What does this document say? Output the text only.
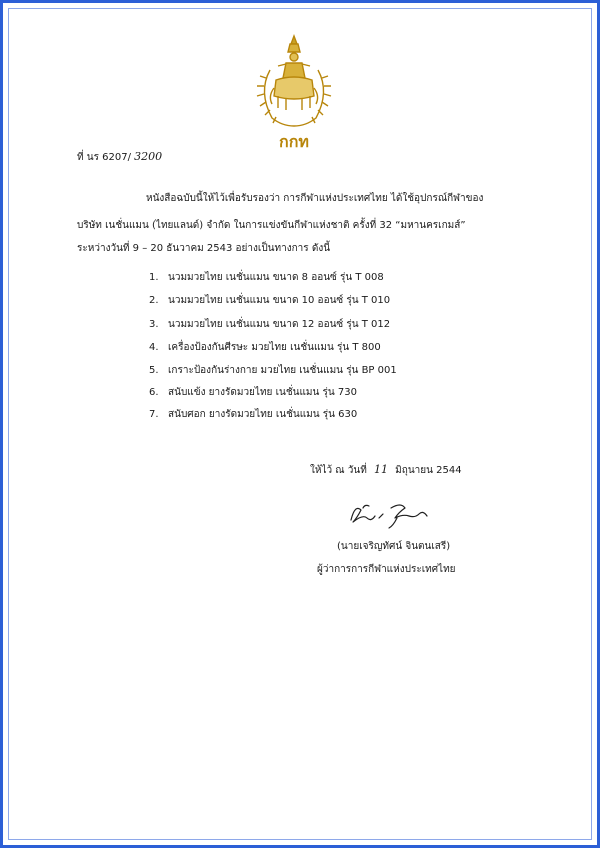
กกท
ที่ นร 6207/ 3200
หนังสือฉบับนี้ให้ไว้เพื่อรับรองว่า การกีฬาแห่งประเทศไทย ได้ใช้อุปกรณ์กีฬาของ
บริษัท เนชั่นแมน (ไทยแลนด์) จำกัด ในการแข่งขันกีฬาแห่งชาติ ครั้งที่ 32 “มหานครเกมส์”
ระหว่างวันที่ 9 – 20 ธันวาคม 2543 อย่างเป็นทางการ ดังนี้
1. นวมมวยไทย เนชั่นแมน ขนาด 8 ออนซ์ รุ่น T 008
2. นวมมวยไทย เนชั่นแมน ขนาด 10 ออนซ์ รุ่น T 010
3. นวมมวยไทย เนชั่นแมน ขนาด 12 ออนซ์ รุ่น T 012
4. เครื่องป้องกันศีรษะ มวยไทย เนชั่นแมน รุ่น T 800
5. เกราะป้องกันร่างกาย มวยไทย เนชั่นแมน รุ่น BP 001
6. สนับแข้ง ยางรัดมวยไทย เนชั่นแมน รุ่น 730
7. สนับศอก ยางรัดมวยไทย เนชั่นแมน รุ่น 630
ให้ไว้ ณ วันที่ 11 มิถุนายน 2544
(นายเจริญทัศน์ จินตนเสรี)
ผู้ว่าการการกีฬาแห่งประเทศไทย
